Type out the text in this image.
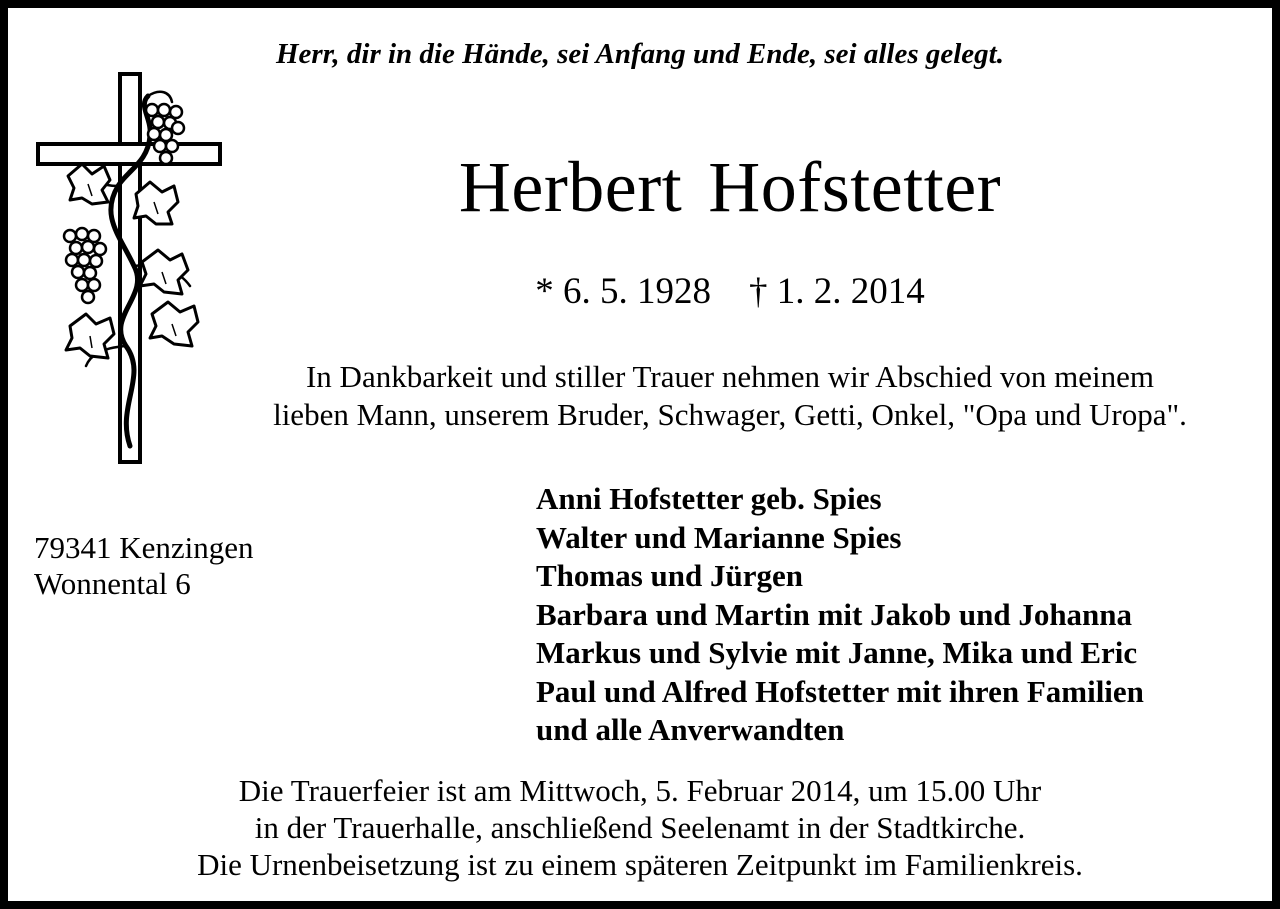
Herr, dir in die Hände, sei Anfang und Ende, sei alles gelegt.
Herbert Hofstetter
* 6. 5. 1928 † 1. 2. 2014
In Dankbarkeit und stiller Trauer nehmen wir Abschied von meinem
lieben Mann, unserem Bruder, Schwager, Getti, Onkel, "Opa und Uropa".
79341 Kenzingen
Wonnental 6
Anni Hofstetter geb. Spies
Walter und Marianne Spies
Thomas und Jürgen
Barbara und Martin mit Jakob und Johanna
Markus und Sylvie mit Janne, Mika und Eric
Paul und Alfred Hofstetter mit ihren Familien
und alle Anverwandten
Die Trauerfeier ist am Mittwoch, 5. Februar 2014, um 15.00 Uhr
in der Trauerhalle, anschließend Seelenamt in der Stadtkirche.
Die Urnenbeisetzung ist zu einem späteren Zeitpunkt im Familienkreis.
